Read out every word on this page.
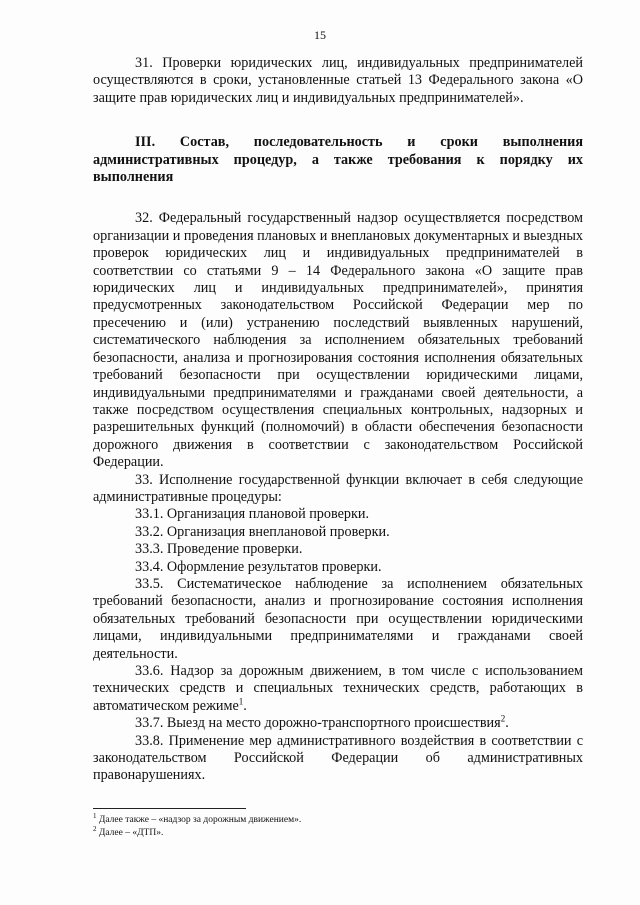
15

31. Проверки юридических лиц, индивидуальных предпринимателей осуществляются в сроки, установленные статьей 13 Федерального закона «О защите прав юридических лиц и индивидуальных предпринимателей».

III. Состав, последовательность и сроки выполнения административных процедур, а также требования к порядку их выполнения

32. Федеральный государственный надзор осуществляется посредством организации и проведения плановых и внеплановых документарных и выездных проверок юридических лиц и индивидуальных предпринимателей в соответствии со статьями 9 – 14 Федерального закона «О защите прав юридических лиц и индивидуальных предпринимателей», принятия предусмотренных законодательством Российской Федерации мер по пресечению и (или) устранению последствий выявленных нарушений, систематического наблюдения за исполнением обязательных требований безопасности, анализа и прогнозирования состояния исполнения обязательных требований безопасности при осуществлении юридическими лицами, индивидуальными предпринимателями и гражданами своей деятельности, а также посредством осуществления специальных контрольных, надзорных и разрешительных функций (полномочий) в области обеспечения безопасности дорожного движения в соответствии с законодательством Российской Федерации.

33. Исполнение государственной функции включает в себя следующие административные процедуры:

33.1. Организация плановой проверки.

33.2. Организация внеплановой проверки.

33.3. Проведение проверки.

33.4. Оформление результатов проверки.

33.5. Систематическое наблюдение за исполнением обязательных требований безопасности, анализ и прогнозирование состояния исполнения обязательных требований безопасности при осуществлении юридическими лицами, индивидуальными предпринимателями и гражданами своей деятельности.

33.6. Надзор за дорожным движением, в том числе с использованием технических средств и специальных технических средств, работающих в автоматическом режиме$^1$.

33.7. Выезд на место дорожно-транспортного происшествия$^2$.

33.8. Применение мер административного воздействия в соответствии с законодательством Российской Федерации об административных правонарушениях.

$^1$ Далее также – «надзор за дорожным движением».
$^2$ Далее – «ДТП».
